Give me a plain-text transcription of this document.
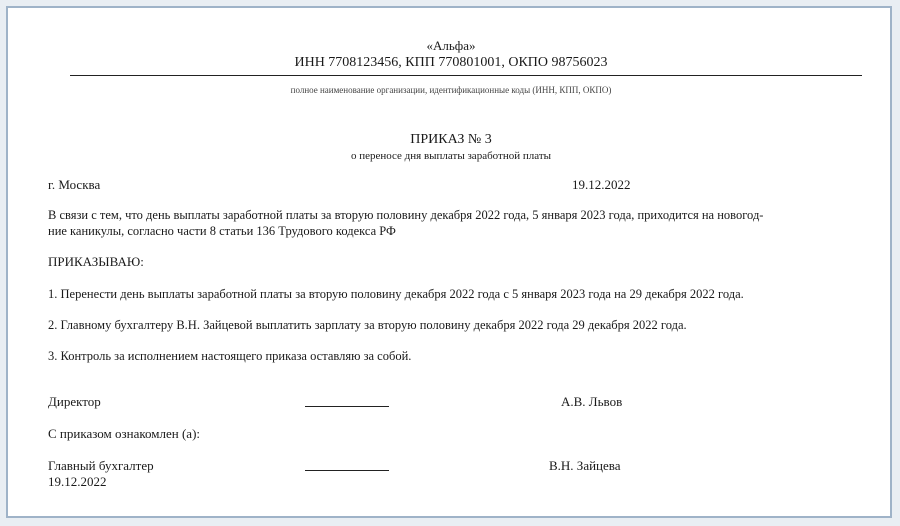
«Альфа»
ИНН 7708123456, КПП 770801001, ОКПО 98756023
полное наименование организации, идентификационные коды (ИНН, КПП, ОКПО)
ПРИКАЗ № 3
о переносе дня выплаты заработной платы
г. Москва	19.12.2022
В связи с тем, что день выплаты заработной платы за вторую половину декабря 2022 года, 5 января 2023 года, приходится на новогод-
ние каникулы, согласно части 8 статьи 136 Трудового кодекса РФ
ПРИКАЗЫВАЮ:
1. Перенести день выплаты заработной платы за вторую половину декабря 2022 года с 5 января 2023 года на 29 декабря 2022 года.
2. Главному бухгалтеру В.Н. Зайцевой выплатить зарплату за вторую половину декабря 2022 года 29 декабря 2022 года.
3. Контроль за исполнением настоящего приказа оставляю за собой.
Директор	А.В. Львов
С приказом ознакомлен (а):
Главный бухгалтер	В.Н. Зайцева
19.12.2022
